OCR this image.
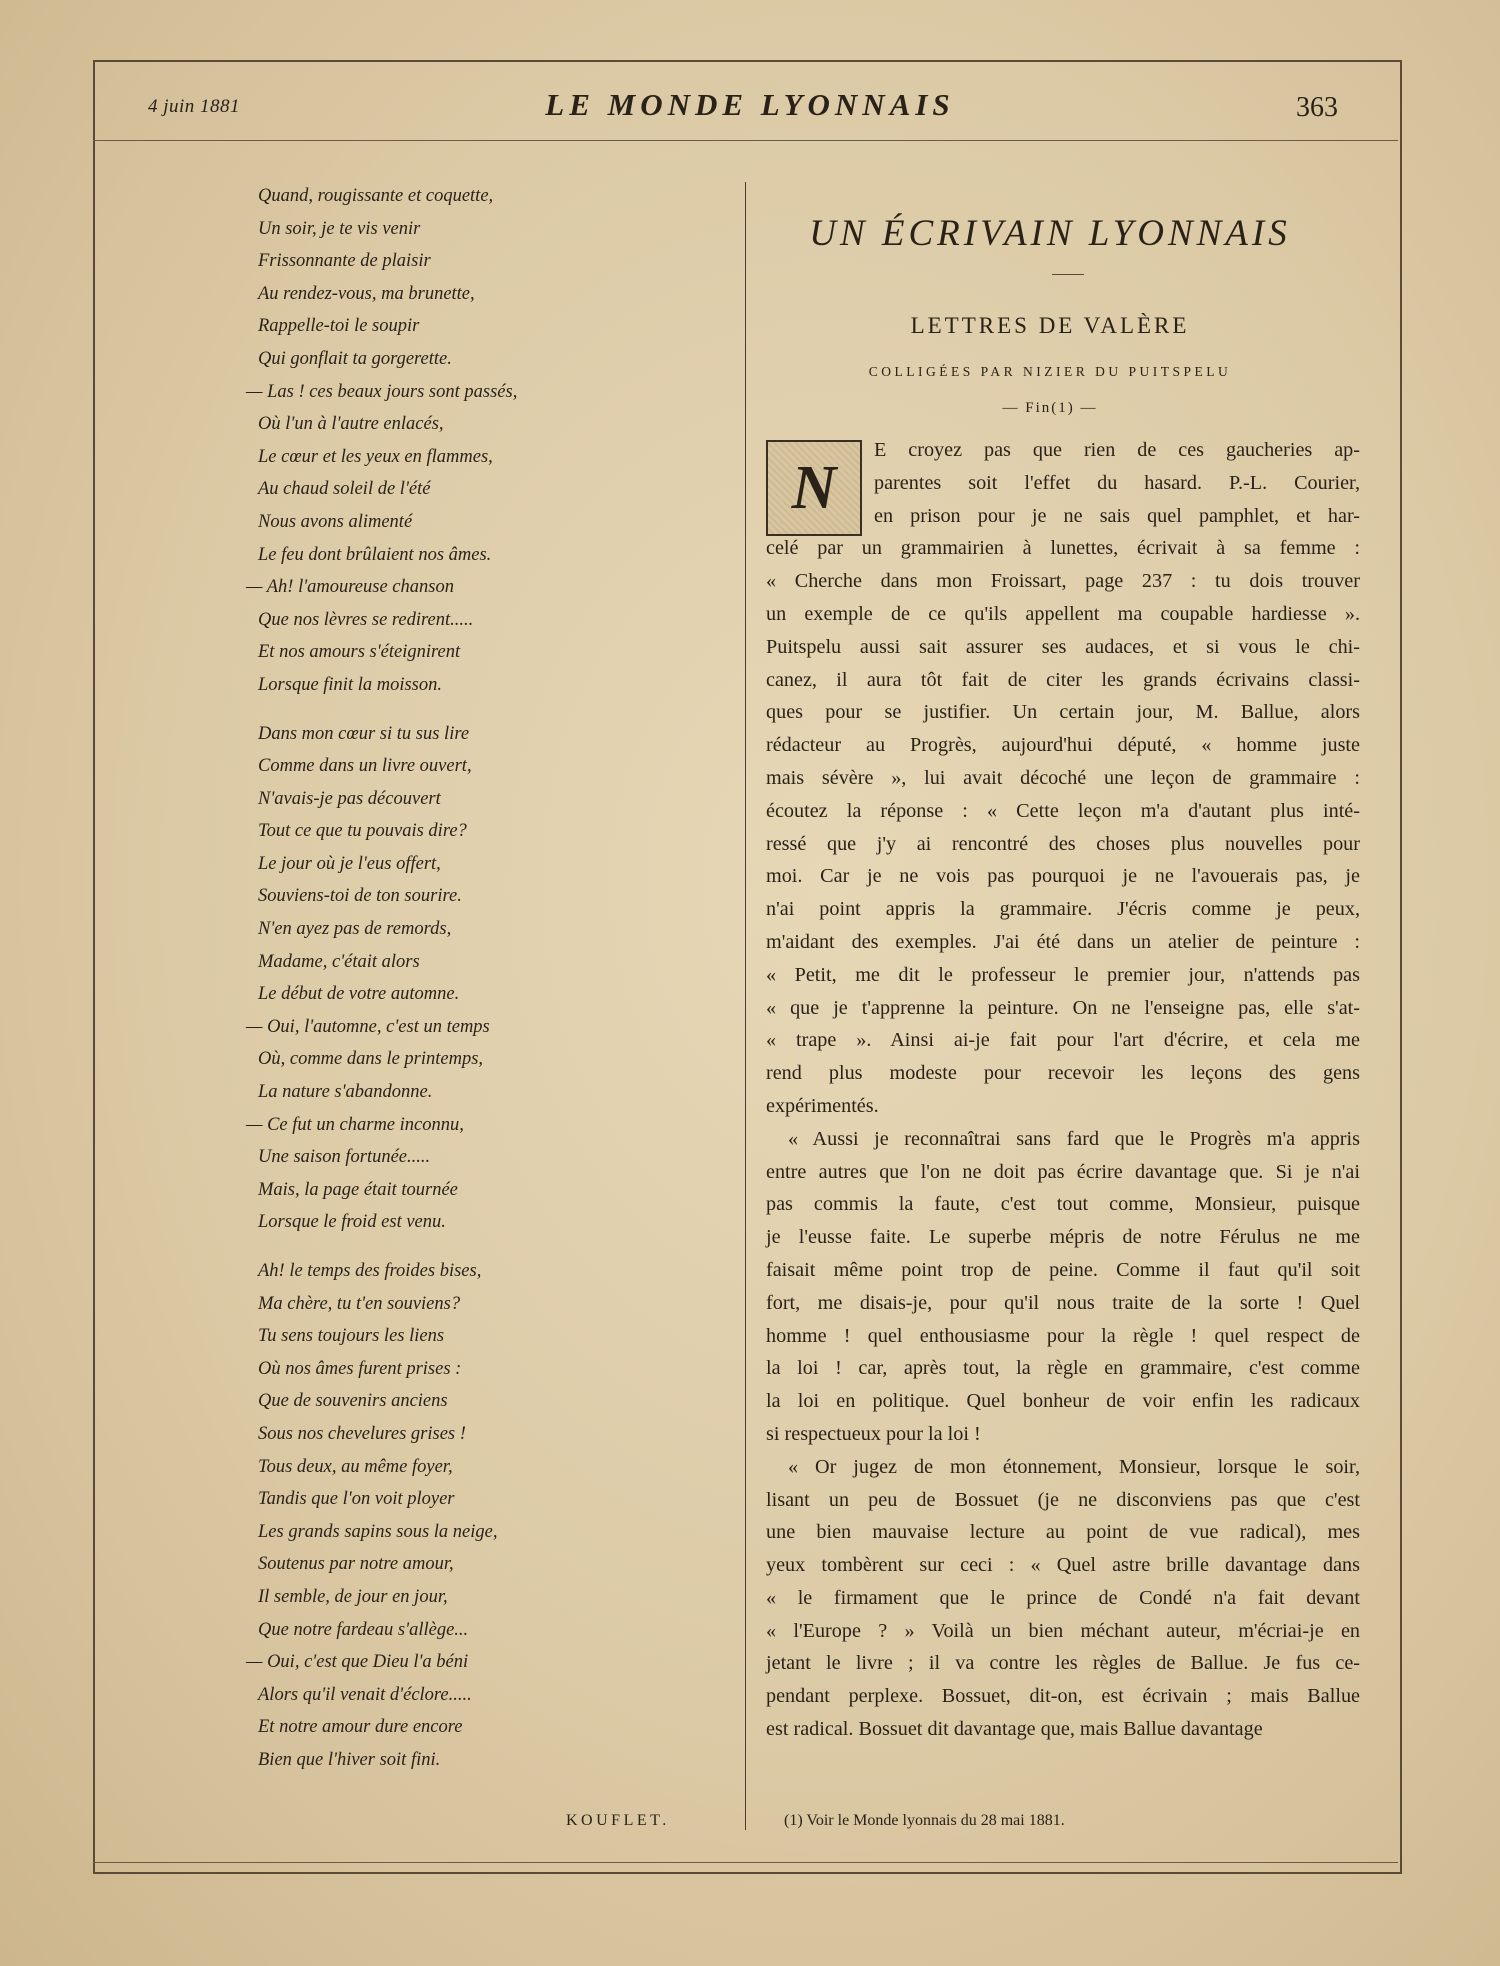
4 juin 1881	LE MONDE LYONNAIS	363
Quand, rougissante et coquette,
Un soir, je te vis venir
Frissonnante de plaisir
Au rendez-vous, ma brunette,
Rappelle-toi le soupir
Qui gonflait ta gorgerette.
— Las ! ces beaux jours sont passés,
Où l'un à l'autre enlacés,
Le cœur et les yeux en flammes,
Au chaud soleil de l'été
Nous avons alimenté
Le feu dont brûlaient nos âmes.
— Ah! l'amoureuse chanson
Que nos lèvres se redirent.....
Et nos amours s'éteignirent
Lorsque finit la moisson.
Dans mon cœur si tu sus lire
Comme dans un livre ouvert,
N'avais-je pas découvert
Tout ce que tu pouvais dire?
Le jour où je l'eus offert,
Souviens-toi de ton sourire.
N'en ayez pas de remords,
Madame, c'était alors
Le début de votre automne.
— Oui, l'automne, c'est un temps
Où, comme dans le printemps,
La nature s'abandonne.
— Ce fut un charme inconnu,
Une saison fortunée.....
Mais, la page était tournée
Lorsque le froid est venu.
Ah! le temps des froides bises,
Ma chère, tu t'en souviens?
Tu sens toujours les liens
Où nos âmes furent prises :
Que de souvenirs anciens
Sous nos chevelures grises !
Tous deux, au même foyer,
Tandis que l'on voit ployer
Les grands sapins sous la neige,
Soutenus par notre amour,
Il semble, de jour en jour,
Que notre fardeau s'allège...
— Oui, c'est que Dieu l'a béni
Alors qu'il venait d'éclore.....
Et notre amour dure encore
Bien que l'hiver soit fini.
KOUFLET.
UN ÉCRIVAIN LYONNAIS
LETTRES DE VALÈRE
COLLIGÉES PAR NIZIER DU PUITSPELU
— Fin(1) —
N
E croyez pas que rien de ces gaucheries ap-
parentes soit l'effet du hasard. P.-L. Courier,
en prison pour je ne sais quel pamphlet, et har-
celé par un grammairien à lunettes, écrivait à sa femme :
« Cherche dans mon Froissart, page 237 : tu dois trouver
un exemple de ce qu'ils appellent ma coupable hardiesse ».
Puitspelu aussi sait assurer ses audaces, et si vous le chi-
canez, il aura tôt fait de citer les grands écrivains classi-
ques pour se justifier. Un certain jour, M. Ballue, alors
rédacteur au Progrès, aujourd'hui député, « homme juste
mais sévère », lui avait décoché une leçon de grammaire :
écoutez la réponse : « Cette leçon m'a d'autant plus inté-
ressé que j'y ai rencontré des choses plus nouvelles pour
moi. Car je ne vois pas pourquoi je ne l'avouerais pas, je
n'ai point appris la grammaire. J'écris comme je peux,
m'aidant des exemples. J'ai été dans un atelier de peinture :
« Petit, me dit le professeur le premier jour, n'attends pas
« que je t'apprenne la peinture. On ne l'enseigne pas, elle s'at-
« trape ». Ainsi ai-je fait pour l'art d'écrire, et cela me
rend plus modeste pour recevoir les leçons des gens
expérimentés.
« Aussi je reconnaîtrai sans fard que le Progrès m'a appris
entre autres que l'on ne doit pas écrire davantage que. Si je n'ai
pas commis la faute, c'est tout comme, Monsieur, puisque
je l'eusse faite. Le superbe mépris de notre Férulus ne me
faisait même point trop de peine. Comme il faut qu'il soit
fort, me disais-je, pour qu'il nous traite de la sorte ! Quel
homme ! quel enthousiasme pour la règle ! quel respect de
la loi ! car, après tout, la règle en grammaire, c'est comme
la loi en politique. Quel bonheur de voir enfin les radicaux
si respectueux pour la loi !
« Or jugez de mon étonnement, Monsieur, lorsque le soir,
lisant un peu de Bossuet (je ne disconviens pas que c'est
une bien mauvaise lecture au point de vue radical), mes
yeux tombèrent sur ceci : « Quel astre brille davantage dans
« le firmament que le prince de Condé n'a fait devant
« l'Europe ? » Voilà un bien méchant auteur, m'écriai-je en
jetant le livre ; il va contre les règles de Ballue. Je fus ce-
pendant perplexe. Bossuet, dit-on, est écrivain ; mais Ballue
est radical. Bossuet dit davantage que, mais Ballue davantage
(1) Voir le Monde lyonnais du 28 mai 1881.
